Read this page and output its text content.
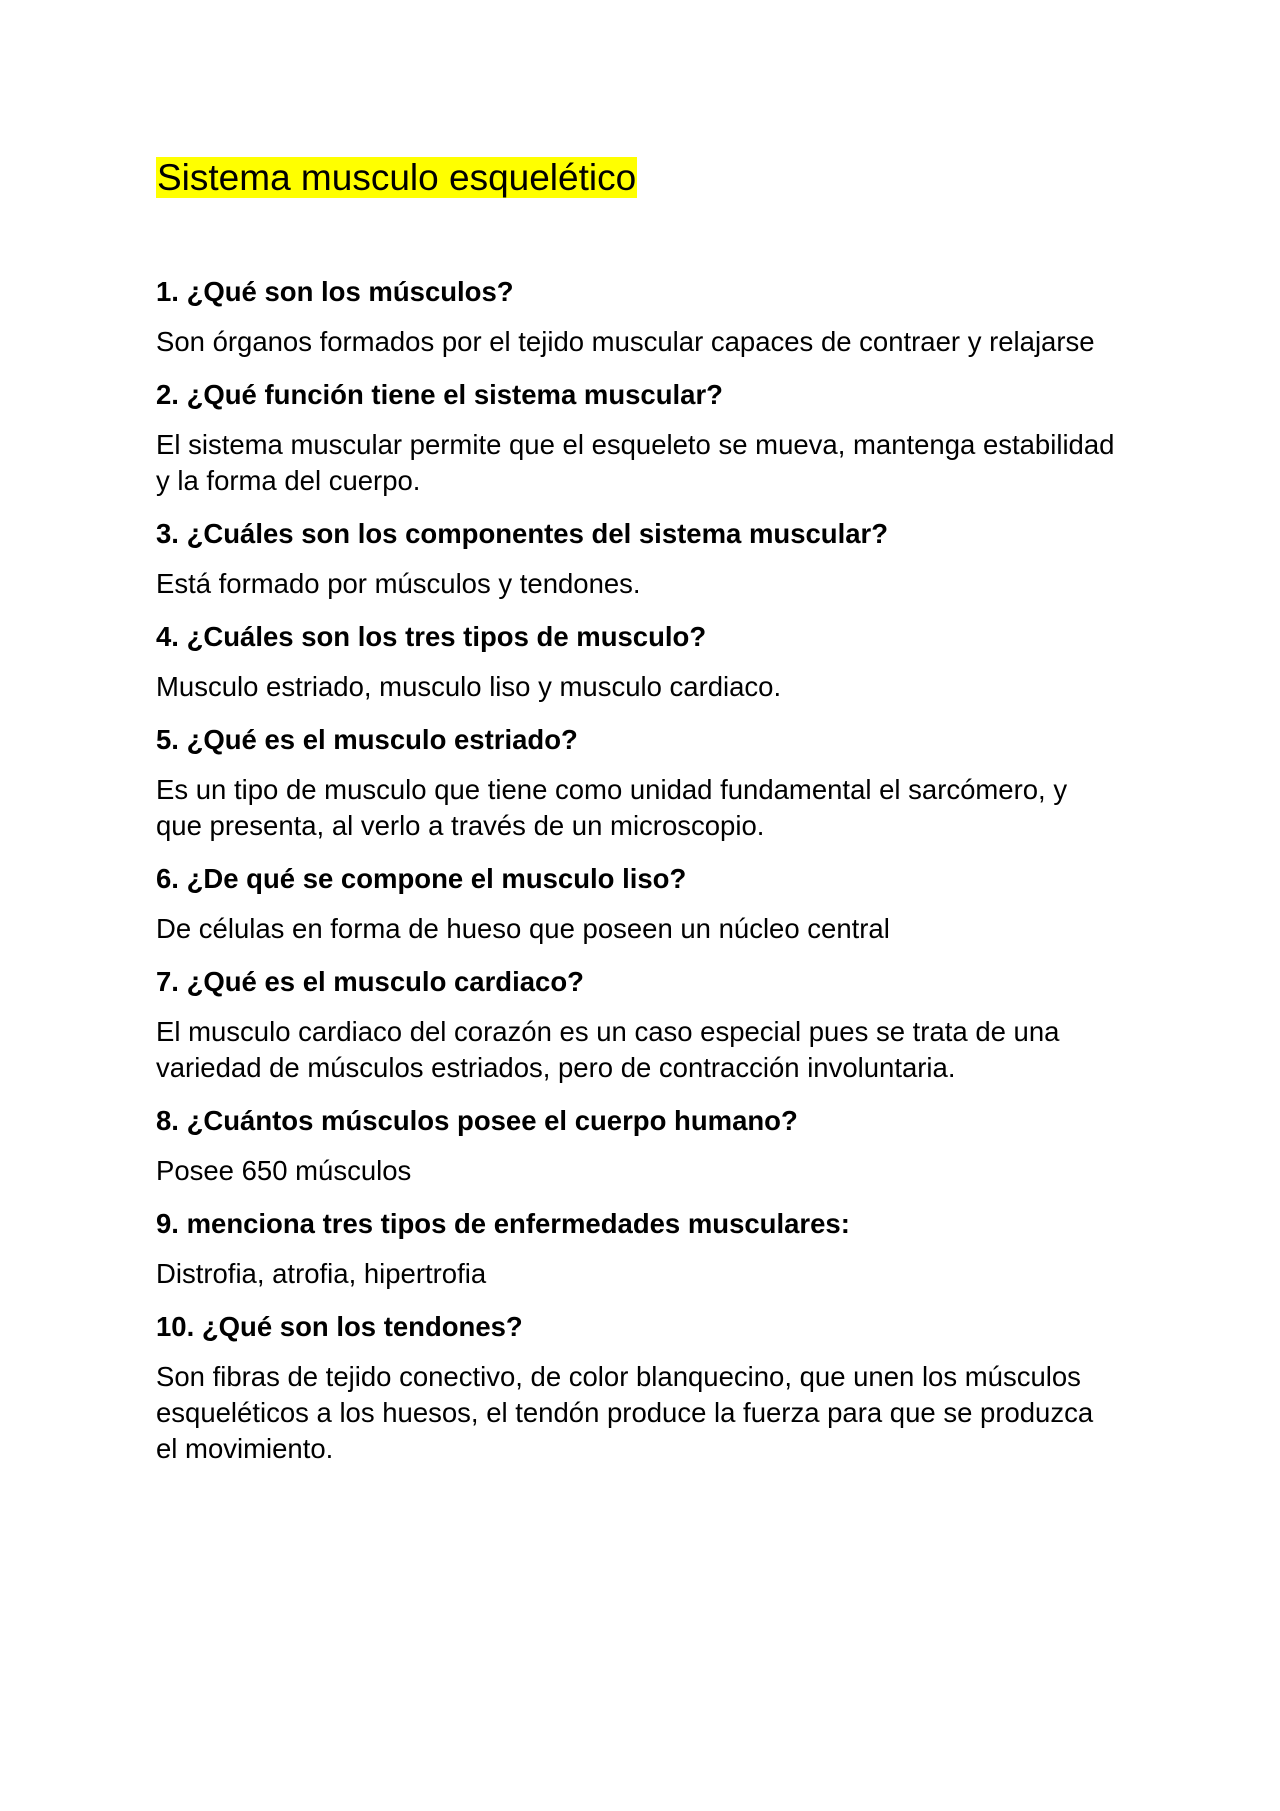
Sistema musculo esquelético

1. ¿Qué son los músculos?

Son órganos formados por el tejido muscular capaces de contraer y relajarse

2. ¿Qué función tiene el sistema muscular?

El sistema muscular permite que el esqueleto se mueva, mantenga estabilidad y la forma del cuerpo.

3. ¿Cuáles son los componentes del sistema muscular?

Está formado por músculos y tendones.

4. ¿Cuáles son los tres tipos de musculo?

Musculo estriado, musculo liso y musculo cardiaco.

5. ¿Qué es el musculo estriado?

Es un tipo de musculo que tiene como unidad fundamental el sarcómero, y que presenta, al verlo a través de un microscopio.

6. ¿De qué se compone el musculo liso?

De células en forma de hueso que poseen un núcleo central

7. ¿Qué es el musculo cardiaco?

El musculo cardiaco del corazón es un caso especial pues se trata de una variedad de músculos estriados, pero de contracción involuntaria.

8. ¿Cuántos músculos posee el cuerpo humano?

Posee 650 músculos

9. menciona tres tipos de enfermedades musculares:

Distrofia, atrofia, hipertrofia

10. ¿Qué son los tendones?

Son fibras de tejido conectivo, de color blanquecino, que unen los músculos esqueléticos a los huesos, el tendón produce la fuerza para que se produzca el movimiento.
